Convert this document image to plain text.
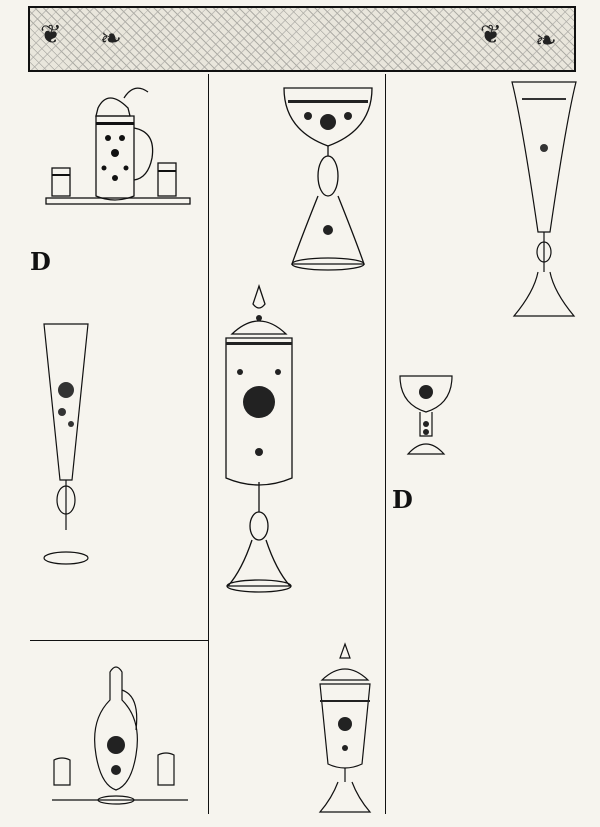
❦ ❧	❦ ❧
D

D
